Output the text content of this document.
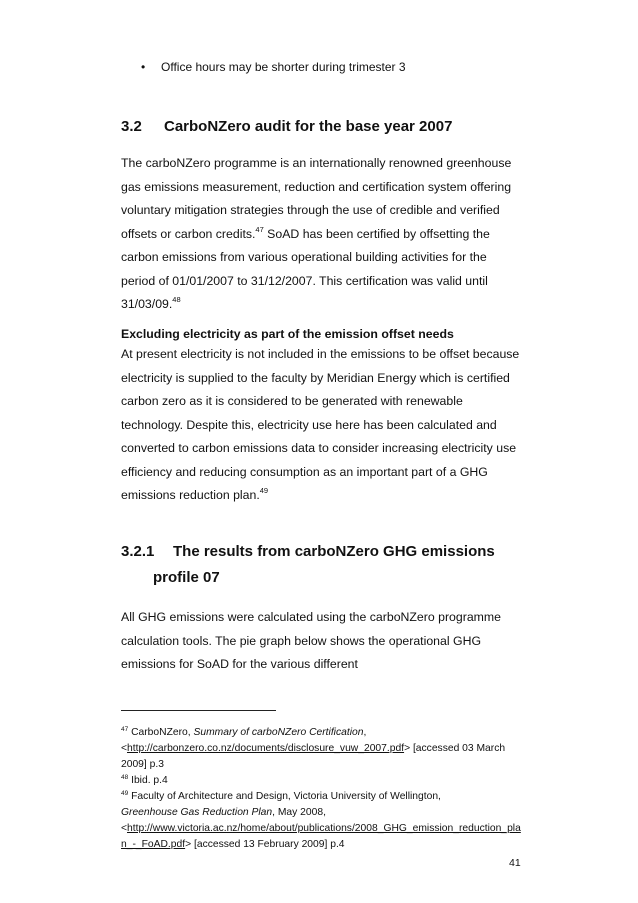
• Office hours may be shorter during trimester 3
3.2 CarboNZero audit for the base year 2007
The carboNZero programme is an internationally renowned greenhouse gas emissions measurement, reduction and certification system offering voluntary mitigation strategies through the use of credible and verified offsets or carbon credits.$^{47}$ SoAD has been certified by offsetting the carbon emissions from various operational building activities for the period of 01/01/2007 to 31/12/2007. This certification was valid until 31/03/09.48
Excluding electricity as part of the emission offset needs
At present electricity is not included in the emissions to be offset because electricity is supplied to the faculty by Meridian Energy which is certified carbon zero as it is considered to be generated with renewable technology. Despite this, electricity use here has been calculated and converted to carbon emissions data to consider increasing electricity use efficiency and reducing consumption as an important part of a GHG emissions reduction plan.$^{49}$
3.2.1 The results from carboNZero GHG emissions
profile 07
All GHG emissions were calculated using the carboNZero programme calculation tools. The pie graph below shows the operational GHG emissions for SoAD for the various different
$^{47}$ CarboNZero, Summary of carboNZero Certification,
<http://carbonzero.co.nz/documents/disclosure_vuw_2007.pdf> [accessed 03 March 2009] p.3
$^{48}$ Ibid. p.4
$^{49}$ Faculty of Architecture and Design, Victoria University of Wellington,
Greenhouse Gas Reduction Plan, May 2008,
<http://www.victoria.ac.nz/home/about/publications/2008_GHG_emission_reduction_plan_-_FoAD.pdf> [accessed 13 February 2009] p.4
41
